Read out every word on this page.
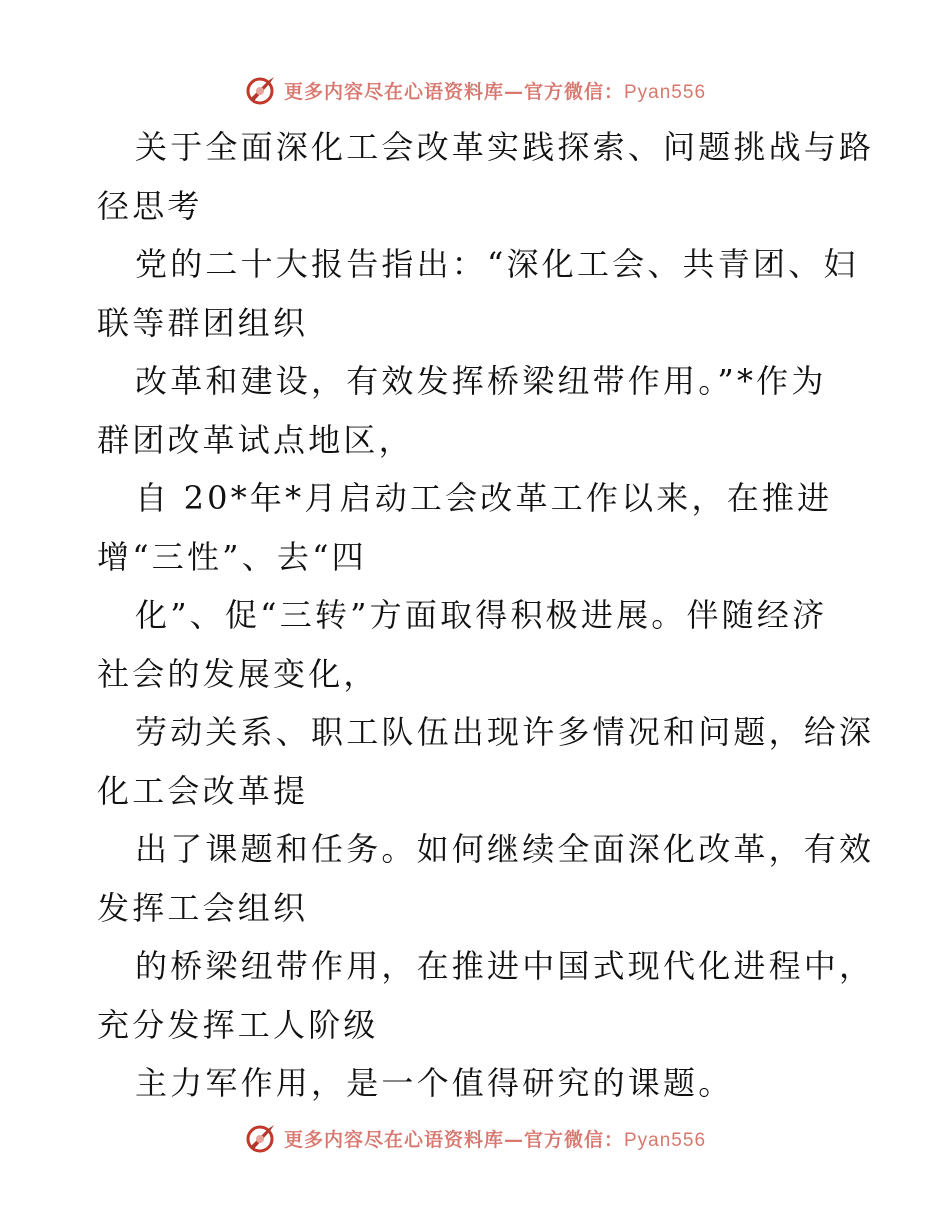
更多内容尽在心语资料库—官方微信：Pyan556
关于全面深化工会改革实践探索、问题挑战与路
径思考
党的二十大报告指出：“深化工会、共青团、妇
联等群团组织
改革和建设，有效发挥桥梁纽带作用。”*作为
群团改革试点地区，
自 20*年*月启动工会改革工作以来，在推进
增“三性”、去“四
化”、促“三转”方面取得积极进展。伴随经济
社会的发展变化，
劳动关系、职工队伍出现许多情况和问题，给深
化工会改革提
出了课题和任务。如何继续全面深化改革，有效
发挥工会组织
的桥梁纽带作用，在推进中国式现代化进程中，
充分发挥工人阶级
主力军作用，是一个值得研究的课题。
更多内容尽在心语资料库—官方微信：Pyan556
